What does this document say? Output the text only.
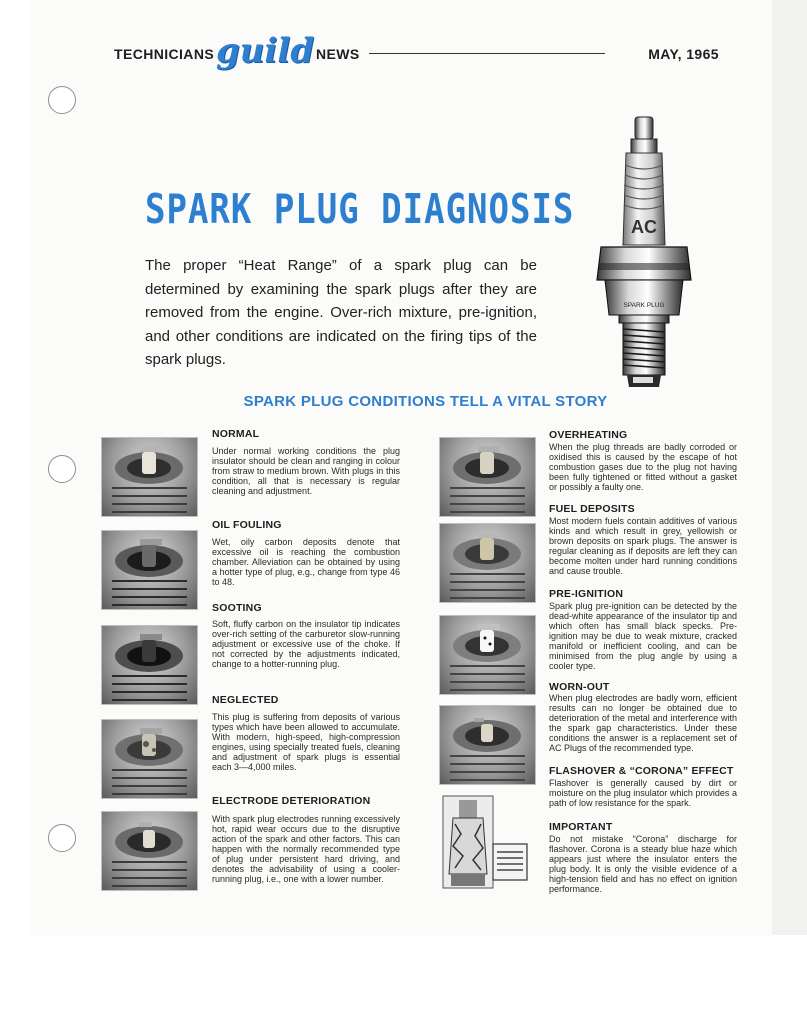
TECHNICIANS guild NEWS	MAY, 1965
SPARK PLUG DIAGNOSIS
The proper “Heat Range” of a spark plug can be determined by examining the spark plugs after they are removed from the engine. Over-rich mixture, pre-ignition, and other conditions are indicated on the firing tips of the spark plugs.
AC
SPARK PLUG
SPARK PLUG CONDITIONS TELL A VITAL STORY
NORMAL
Under normal working conditions the plug insulator should be clean and ranging in colour from straw to medium brown. With plugs in this condition, all that is necessary is regular cleaning and adjustment.
OIL FOULING
Wet, oily carbon deposits denote that excessive oil is reaching the combustion chamber. Alleviation can be obtained by using a hotter type of plug, e.g., change from type 46 to 48.
SOOTING
Soft, fluffy carbon on the insulator tip indicates over-rich setting of the carburetor slow-running adjustment or excessive use of the choke. If not corrected by the adjustments indicated, change to a hotter-running plug.
NEGLECTED
This plug is suffering from deposits of various types which have been allowed to accumulate. With modern, high-speed, high-compression engines, using specially treated fuels, cleaning and adjustment of spark plugs is essential each 3—4,000 miles.
ELECTRODE DETERIORATION
With spark plug electrodes running excessively hot, rapid wear occurs due to the disruptive action of the spark and other factors. This can happen with the normally recommended type of plug under persistent hard driving, and denotes the advisability of using a cooler-running plug, i.e., one with a lower number.
OVERHEATING
When the plug threads are badly corroded or oxidised this is caused by the escape of hot combustion gases due to the plug not having been fully tightened or fitted without a gasket or possibly a faulty one.
FUEL DEPOSITS
Most modern fuels contain additives of various kinds and which result in grey, yellowish or brown deposits on spark plugs. The answer is regular cleaning as if deposits are left they can become molten under hard running conditions and cause trouble.
PRE-IGNITION
Spark plug pre-ignition can be detected by the dead-white appearance of the insulator tip and which often has small black specks. Pre-ignition may be due to weak mixture, cracked manifold or inefficient cooling, and can be minimised from the plug angle by using a cooler type.
WORN-OUT
When plug electrodes are badly worn, efficient results can no longer be obtained due to deterioration of the metal and interference with the spark gap characteristics. Under these conditions the answer is a replacement set of AC Plugs of the recommended type.
FLASHOVER & “CORONA” EFFECT
Flashover is generally caused by dirt or moisture on the plug insulator which provides a path of low resistance for the spark.
IMPORTANT
Do not mistake “Corona” discharge for flashover. Corona is a steady blue haze which appears just where the insulator enters the plug body. It is only the visible evidence of a high-tension field and has no effect on ignition performance.
